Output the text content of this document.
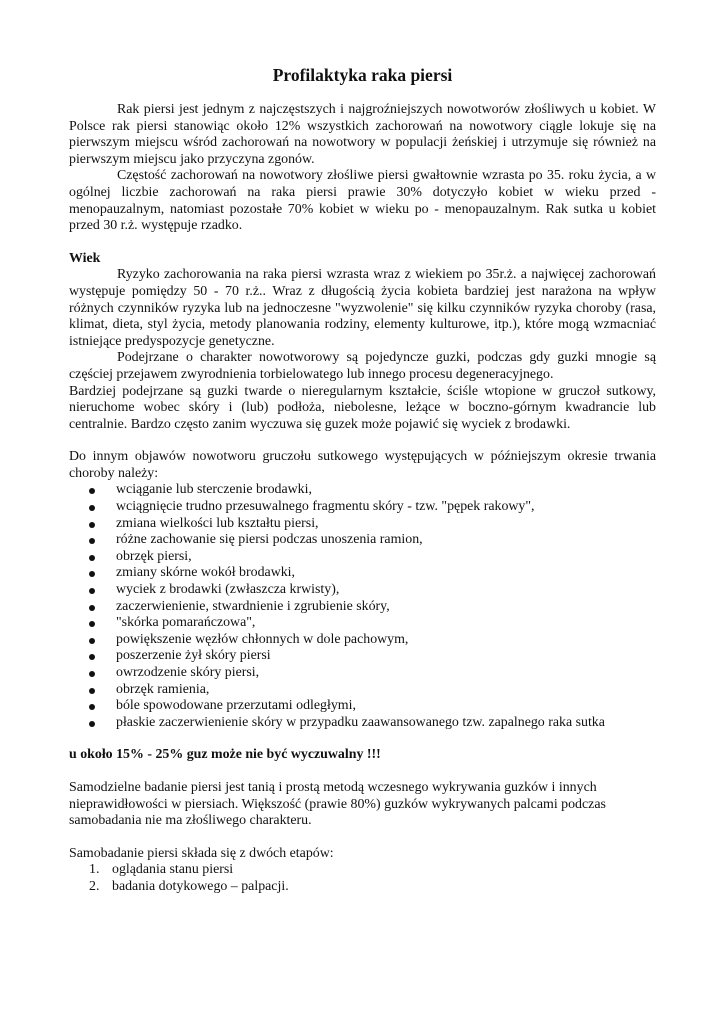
Profilaktyka raka piersi

Rak piersi jest jednym z najczęstszych i najgroźniejszych nowotworów złośliwych u kobiet. W Polsce rak piersi stanowiąc około 12% wszystkich zachorowań na nowotwory ciągle lokuje się na pierwszym miejscu wśród zachorowań na nowotwory w populacji żeńskiej i utrzymuje się również na pierwszym miejscu jako przyczyna zgonów.

Częstość zachorowań na nowotwory złośliwe piersi gwałtownie wzrasta po 35. roku życia, a w ogólnej liczbie zachorowań na raka piersi prawie 30% dotyczyło kobiet w wieku przed - menopauzalnym, natomiast pozostałe 70% kobiet w wieku po - menopauzalnym. Rak sutka u kobiet przed 30 r.ż. występuje rzadko.

Wiek

Ryzyko zachorowania na raka piersi wzrasta wraz z wiekiem po 35r.ż. a najwięcej zachorowań występuje pomiędzy 50 - 70 r.ż.. Wraz z długością życia kobieta bardziej jest narażona na wpływ różnych czynników ryzyka lub na jednoczesne "wyzwolenie" się kilku czynników ryzyka choroby (rasa, klimat, dieta, styl życia, metody planowania rodziny, elementy kulturowe, itp.), które mogą wzmacniać istniejące predyspozycje genetyczne.

Podejrzane o charakter nowotworowy są pojedyncze guzki, podczas gdy guzki mnogie są częściej przejawem zwyrodnienia torbielowatego lub innego procesu degeneracyjnego.

Bardziej podejrzane są guzki twarde o nieregularnym kształcie, ściśle wtopione w gruczoł sutkowy, nieruchome wobec skóry i (lub) podłoża, niebolesne, leżące w boczno-górnym kwadrancie lub centralnie. Bardzo często zanim wyczuwa się guzek może pojawić się wyciek z brodawki.

Do innym objawów nowotworu gruczołu sutkowego występujących w późniejszym okresie trwania choroby należy:

wciąganie lub sterczenie brodawki,
wciągnięcie trudno przesuwalnego fragmentu skóry - tzw. "pępek rakowy",
zmiana wielkości lub kształtu piersi,
różne zachowanie się piersi podczas unoszenia ramion,
obrzęk piersi,
zmiany skórne wokół brodawki,
wyciek z brodawki (zwłaszcza krwisty),
zaczerwienienie, stwardnienie i zgrubienie skóry,
"skórka pomarańczowa",
powiększenie węzłów chłonnych w dole pachowym,
poszerzenie żył skóry piersi
owrzodzenie skóry piersi,
obrzęk ramienia,
bóle spowodowane przerzutami odległymi,
płaskie zaczerwienienie skóry w przypadku zaawansowanego tzw. zapalnego raka sutka

u około 15% - 25% guz może nie być wyczuwalny !!!

Samodzielne badanie piersi jest tanią i prostą metodą wczesnego wykrywania guzków i innych nieprawidłowości w piersiach. Większość (prawie 80%) guzków wykrywanych palcami podczas samobadania nie ma złośliwego charakteru.

Samobadanie piersi składa się z dwóch etapów:

1. oglądania stanu piersi
2. badania dotykowego – palpacji.
